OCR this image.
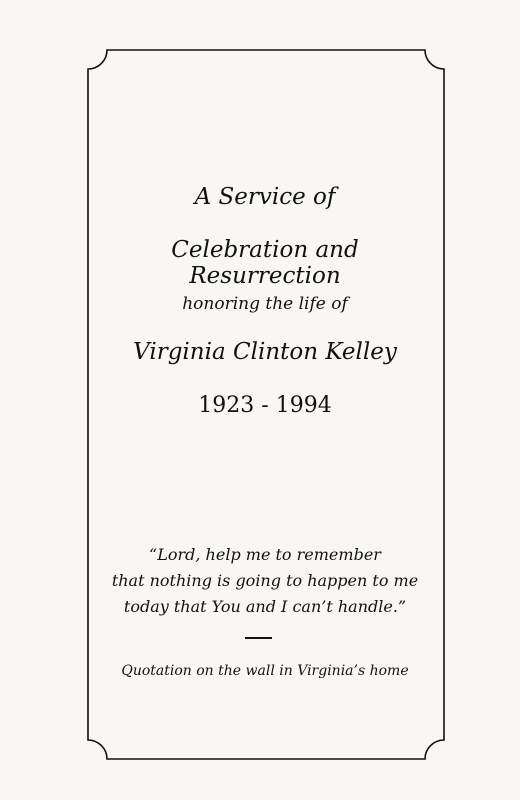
A Service of
Celebration and Resurrection
honoring the life of
Virginia Clinton Kelley
1923 - 1994
“Lord, help me to remember
that nothing is going to happen to me
today that You and I can’t handle.”
Quotation on the wall in Virginia’s home
